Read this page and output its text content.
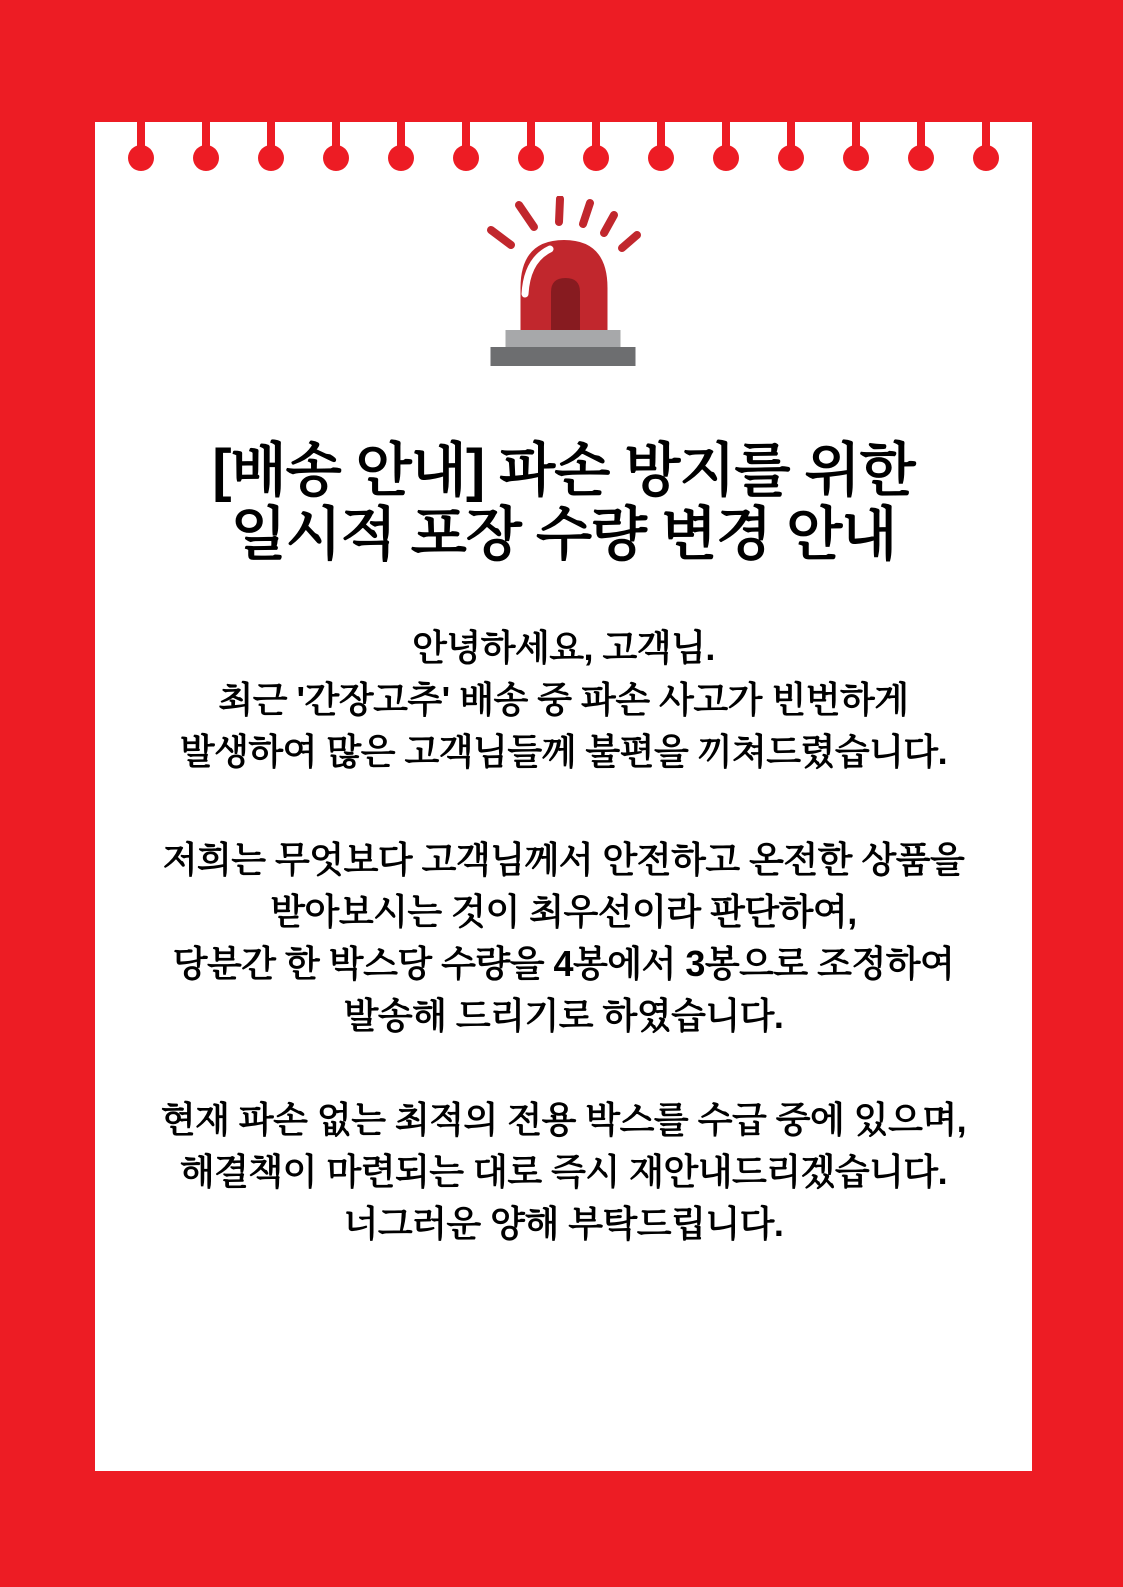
[배송 안내] 파손 방지를 위한
일시적 포장 수량 변경 안내
안녕하세요, 고객님.
최근 '간장고추' 배송 중 파손 사고가 빈번하게
발생하여 많은 고객님들께 불편을 끼쳐드렸습니다.
저희는 무엇보다 고객님께서 안전하고 온전한 상품을
받아보시는 것이 최우선이라 판단하여,
당분간 한 박스당 수량을 4봉에서 3봉으로 조정하여
발송해 드리기로 하였습니다.
현재 파손 없는 최적의 전용 박스를 수급 중에 있으며,
해결책이 마련되는 대로 즉시 재안내드리겠습니다.
너그러운 양해 부탁드립니다.
